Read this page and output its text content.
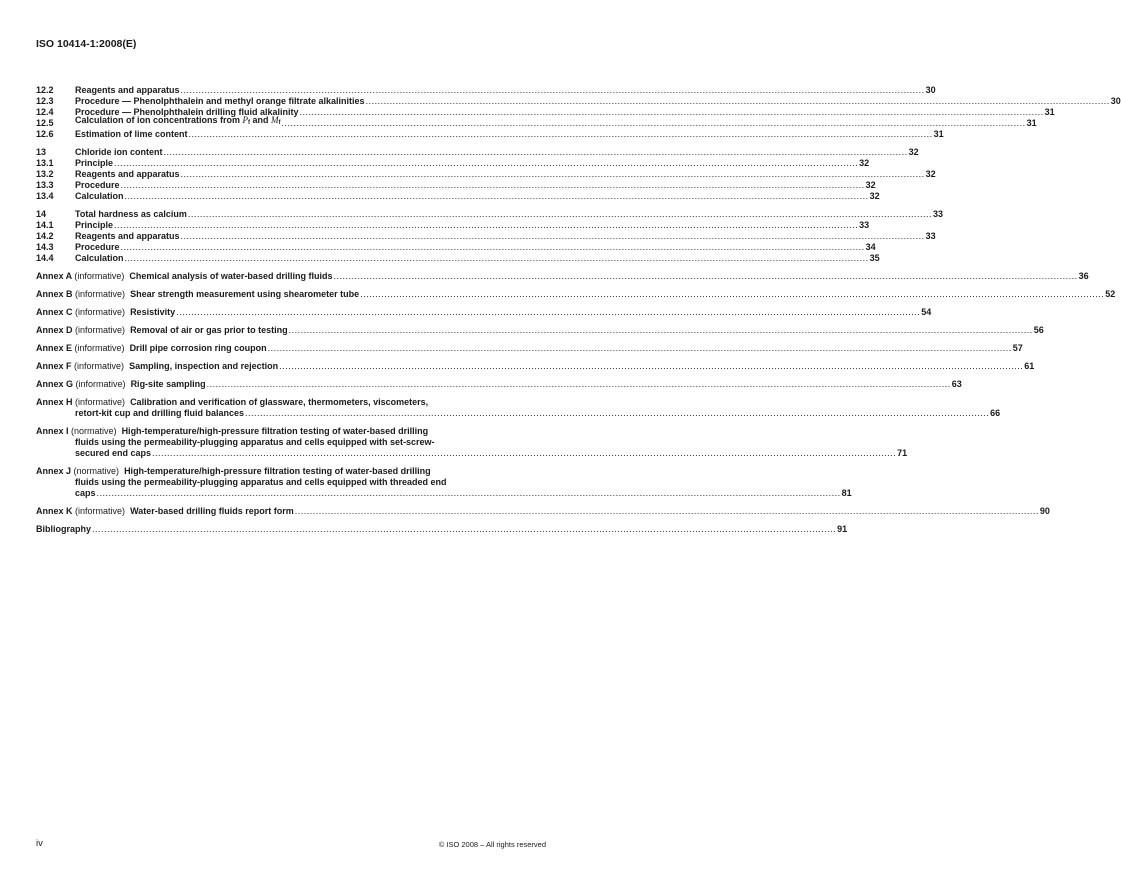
ISO 10414-1:2008(E)
12.2	Reagents and apparatus .....	30
12.3	Procedure — Phenolphthalein and methyl orange filtrate alkalinities .....	30
12.4	Procedure — Phenolphthalein drilling fluid alkalinity .....	31
12.5	Calculation of ion concentrations from $P_f$ and $M_f$ .....	31
12.6	Estimation of lime content .....	31
13	Chloride ion content .....	32
13.1	Principle .....	32
13.2	Reagents and apparatus .....	32
13.3	Procedure .....	32
13.4	Calculation .....	32
14	Total hardness as calcium .....	33
14.1	Principle .....	33
14.2	Reagents and apparatus .....	33
14.3	Procedure .....	34
14.4	Calculation .....	35
Annex A (informative) Chemical analysis of water-based drilling fluids .....	36
Annex B (informative) Shear strength measurement using shearometer tube .....	52
Annex C (informative) Resistivity .....	54
Annex D (informative) Removal of air or gas prior to testing .....	56
Annex E (informative) Drill pipe corrosion ring coupon .....	57
Annex F (informative) Sampling, inspection and rejection .....	61
Annex G (informative) Rig-site sampling .....	63
Annex H (informative) Calibration and verification of glassware, thermometers, viscometers,
retort-kit cup and drilling fluid balances .....	66
Annex I (normative) High-temperature/high-pressure filtration testing of water-based drilling
fluids using the permeability-plugging apparatus and cells equipped with set-screw-
secured end caps .....	71
Annex J (normative) High-temperature/high-pressure filtration testing of water-based drilling
fluids using the permeability-plugging apparatus and cells equipped with threaded end
caps .....	81
Annex K (informative) Water-based drilling fluids report form .....	90
Bibliography .....	91
iv	© ISO 2008 – All rights reserved
